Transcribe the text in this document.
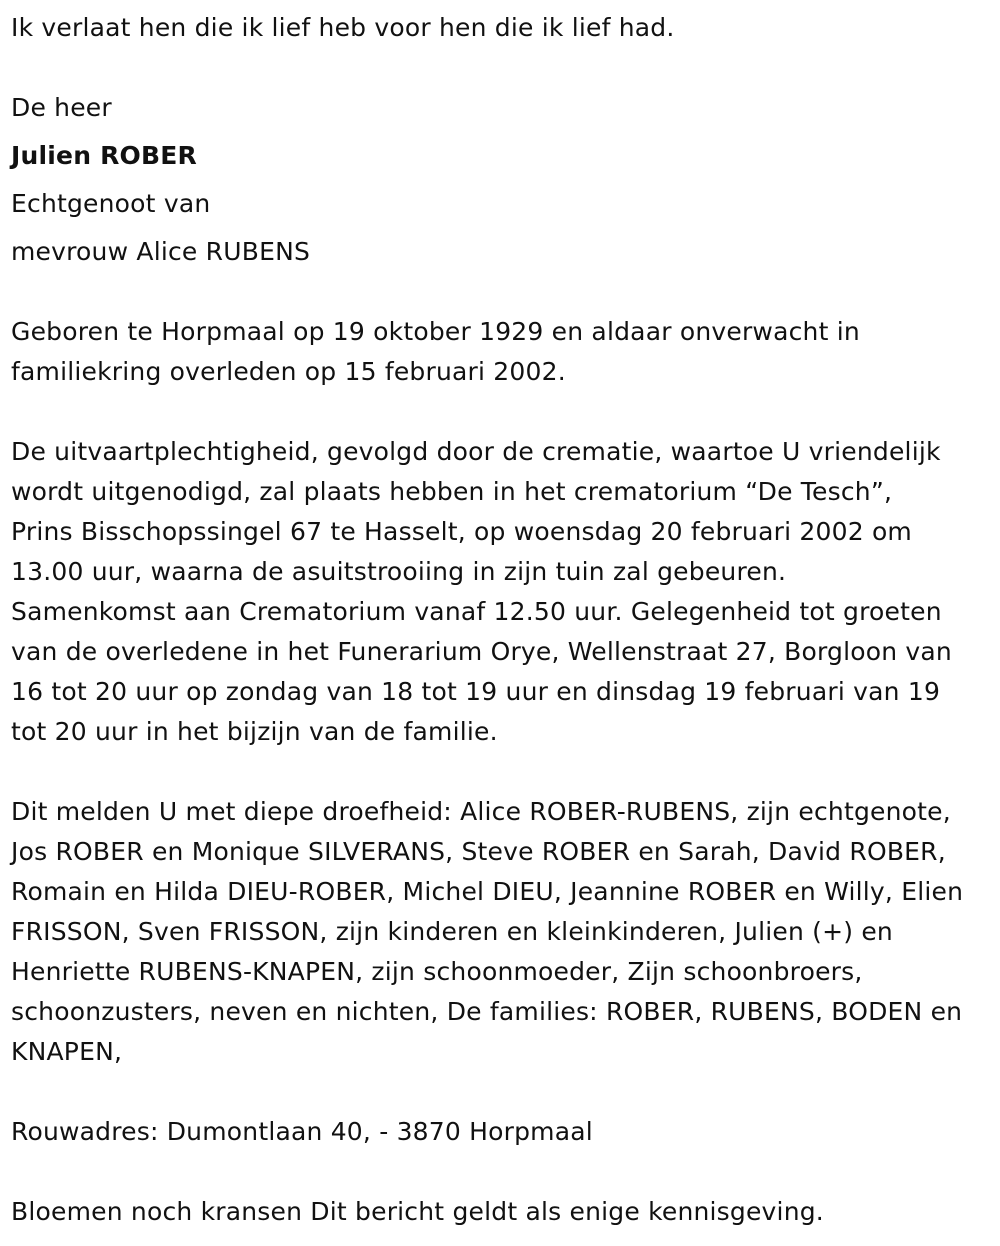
Ik verlaat hen die ik lief heb voor hen die ik lief had.

De heer

Julien ROBER

Echtgenoot van

mevrouw Alice RUBENS

Geboren te Horpmaal op 19 oktober 1929 en aldaar onverwacht in
familiekring overleden op 15 februari 2002.
De uitvaartplechtigheid, gevolgd door de crematie, waartoe U vriendelijk
wordt uitgenodigd, zal plaats hebben in het crematorium “De Tesch”,
Prins Bisschopssingel 67 te Hasselt, op woensdag 20 februari 2002 om
13.00 uur, waarna de asuitstrooiing in zijn tuin zal gebeuren.
Samenkomst aan Crematorium vanaf 12.50 uur. Gelegenheid tot groeten
van de overledene in het Funerarium Orye, Wellenstraat 27, Borgloon van
16 tot 20 uur op zondag van 18 tot 19 uur en dinsdag 19 februari van 19
tot 20 uur in het bijzijn van de familie.
Dit melden U met diepe droefheid: Alice ROBER-RUBENS, zijn echtgenote,
Jos ROBER en Monique SILVERANS, Steve ROBER en Sarah, David ROBER,
Romain en Hilda DIEU-ROBER, Michel DIEU, Jeannine ROBER en Willy, Elien
FRISSON, Sven FRISSON, zijn kinderen en kleinkinderen, Julien (+) en
Henriette RUBENS-KNAPEN, zijn schoonmoeder, Zijn schoonbroers,
schoonzusters, neven en nichten, De families: ROBER, RUBENS, BODEN en
KNAPEN,

Rouwadres: Dumontlaan 40, - 3870 Horpmaal

Bloemen noch kransen Dit bericht geldt als enige kennisgeving.
